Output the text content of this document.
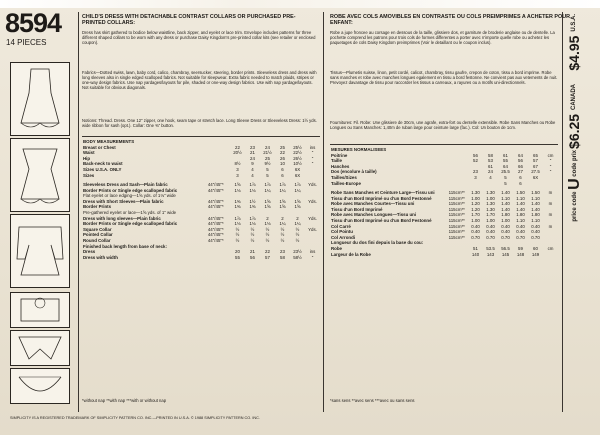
8594
14 PIECES
CHILD'S DRESS WITH DETACHABLE CONTRAST COLLARS OR PURCHASED PRE-PRINTED COLLARS:
Dress has skirt gathered to bodice below waistline, back zipper, and eyelet or lace trim. Envelope includes patterns for three different shaped collars to be worn with any dress or purchase Daisy Kingdom's pre-printed collar kits (see retailer or enclosed coupon).
Fabrics—Dotted swiss, lawn, baby cord, calico, chambray, seersucker, steering, border prints. Sleeveless dress and dress with long sleeves also in single edged scalloped fabrics. Not suitable for sleepwear. Extra fabric needed to match plaids, stripes or one-way design fabrics. Use nap yardages/layouts for pile, shaded or one-way design fabrics. Use with nap yardage/layouts. Not suitable for obvious diagonals.
Notions: Thread. Dress. One 12" zipper, one hook, seam tape or stretch lace. Long Sleeve Dress or Sleeveless Dress: 1½ yds. wide ribbon for sash (opt.). Collar: One ⅜" button.
BODY MEASUREMENTS							
Breast or Chest		22	23	24	25	25½	ins
Waist		20½	21	21½	22	22½	"
Hip			24	25	26	26½	"
Back-neck to waist		8½	9	9½	10	10½	"
Sizes U.S.A. ONLY		3	4	5	6	6X	
Sizes		3	4	5	6	6X	
Sleeveless Dress and Sash—Plain fabric	44"/45"*	1⅝	1⅞	1⅞	1⅞	1⅞	Yds.
Border Prints or Single edge scalloped fabric	44"/45"*	1⅛	1⅛	1¼	1¼	1¼	
Flat eyelet or lace edging—1⅝ yds. of 1⅛" wide							
Dress with Short Sleeves—Plain fabric	44"/45"*	1⅜	1½	1⅝	1⅝	1⅝	Yds.
Border Prints	44"/45"*	1⅜	1⅜	1⅝	1⅝	1⅝	
Pre-gathered eyelet or lace—1⅝ yds. of 1" wide							
Dress with long sleeves—Plain fabric	44"/45"*	1⅞	1⅞	2	2	2	Yds.
Border Prints or Single edge scalloped fabric	44"/45"*	1⅛	1⅛	1⅛	1¼	1¼	
Square Collar	44"/45"*	½	½	½	½	½	Yds.
Pointed Collar	44"/45"*	½	½	½	½	½	
Round Collar	44"/45"*	½	½	½	½	½	
Finished back length from base of neck:							
Dress		20	21	22	23	23½	ins
Dress with width		55	56	57	58	58½	"
*without nap **with nap ***with or without nap
ROBE AVEC COLS AMOVIBLES EN CONTRASTE OU COLS PREIMPRIMES A ACHETER POUR ENFANT:
Robe a jupe froncee au corsage en dessous de la taille, glissiere dos, et garniture de broderie anglaise ou de dentelle. La pochette comprend les patrons pour trois cols de formes differentes a porter avec n'importe quelle robe ou achetez les paquetages de cols Daisy Kingdom preimprimes (Voir le detaillant ou le coupon inclus).
Tissus—Plumetis suisse, linon, petit cordé, calicot, chambray, tissu gaufre, crepon de coton, tissu a bord imprime. Robe sans manches et robe avec manches longues egalement en tissu a bord festonne. Ne convient pas aux vetements de nuit. Prevoyez davantage de tissu pour raccorder les tissus a carreaux, a rayures ou a motifs uni-directionnels.
Fournitures: Fil. Robe: Une glissiere de 30cm, une agrafe, extra-fort ou dentelle extensible. Robe Sans Manches ou Robe Longues ou Sans Manches: 1,40m de ruban large pour ceinture large (fac.). Col: Un bouton de 1cm.
MESURES NORMALISEES							
Poitrine		56	58	61	64	65	cm
Taille		52	53	55	56	57	"
Hanches			61	64	66	67	"
Dos (encolure à taille)		23	24	25.5	27	27.5	"
Tailles/Sizes		3	4	5	6	6X	
Tailles-Europe				5	6		
Robe Sans Manches et Ceinture Large—Tissu uni	115cm**	1.30	1.30	1.40	1.50	1.50	m
Tissu d'un Bord Imprimé ou d'un Bord Festonné	115cm**	1.00	1.00	1.10	1.10	1.10	
Robe avec Manches Courtes—Tissu uni	115cm**	1.20	1.30	1.40	1.40	1.40	m
Tissu d'un Bord Imprimé	115cm**	1.20	1.30	1.40	1.40	1.40	
Robe avec Manches Longues—Tissu uni	115cm**	1.70	1.70	1.80	1.80	1.80	m
Tissu d'un Bord Imprimé ou d'un Bord Festonné	115cm**	1.00	1.00	1.00	1.10	1.10	
Col Carré	115cm**	0.40	0.40	0.40	0.40	0.40	m
Col Pointu	115cm**	0.40	0.40	0.40	0.40	0.40	
Col Arrondi	115cm**	0.70	0.70	0.70	0.70	0.70	
Longueur du dos fini depuis la base du cou:							
Robe		51	53.5	56.5	59	60	cm
Largeur de la Robe		140	143	145	148	149	
*sans sens **avec sens ***avec ou sans sens
$4.95 U.S.A.
$6.25 CANADA
price code U code prix
SIMPLICITY IS A REGISTERED TRADEMARK OF SIMPLICITY PATTERN CO. INC.—PRINTED IN U.S.A. © 1988 SIMPLICITY PATTERN CO. INC.
